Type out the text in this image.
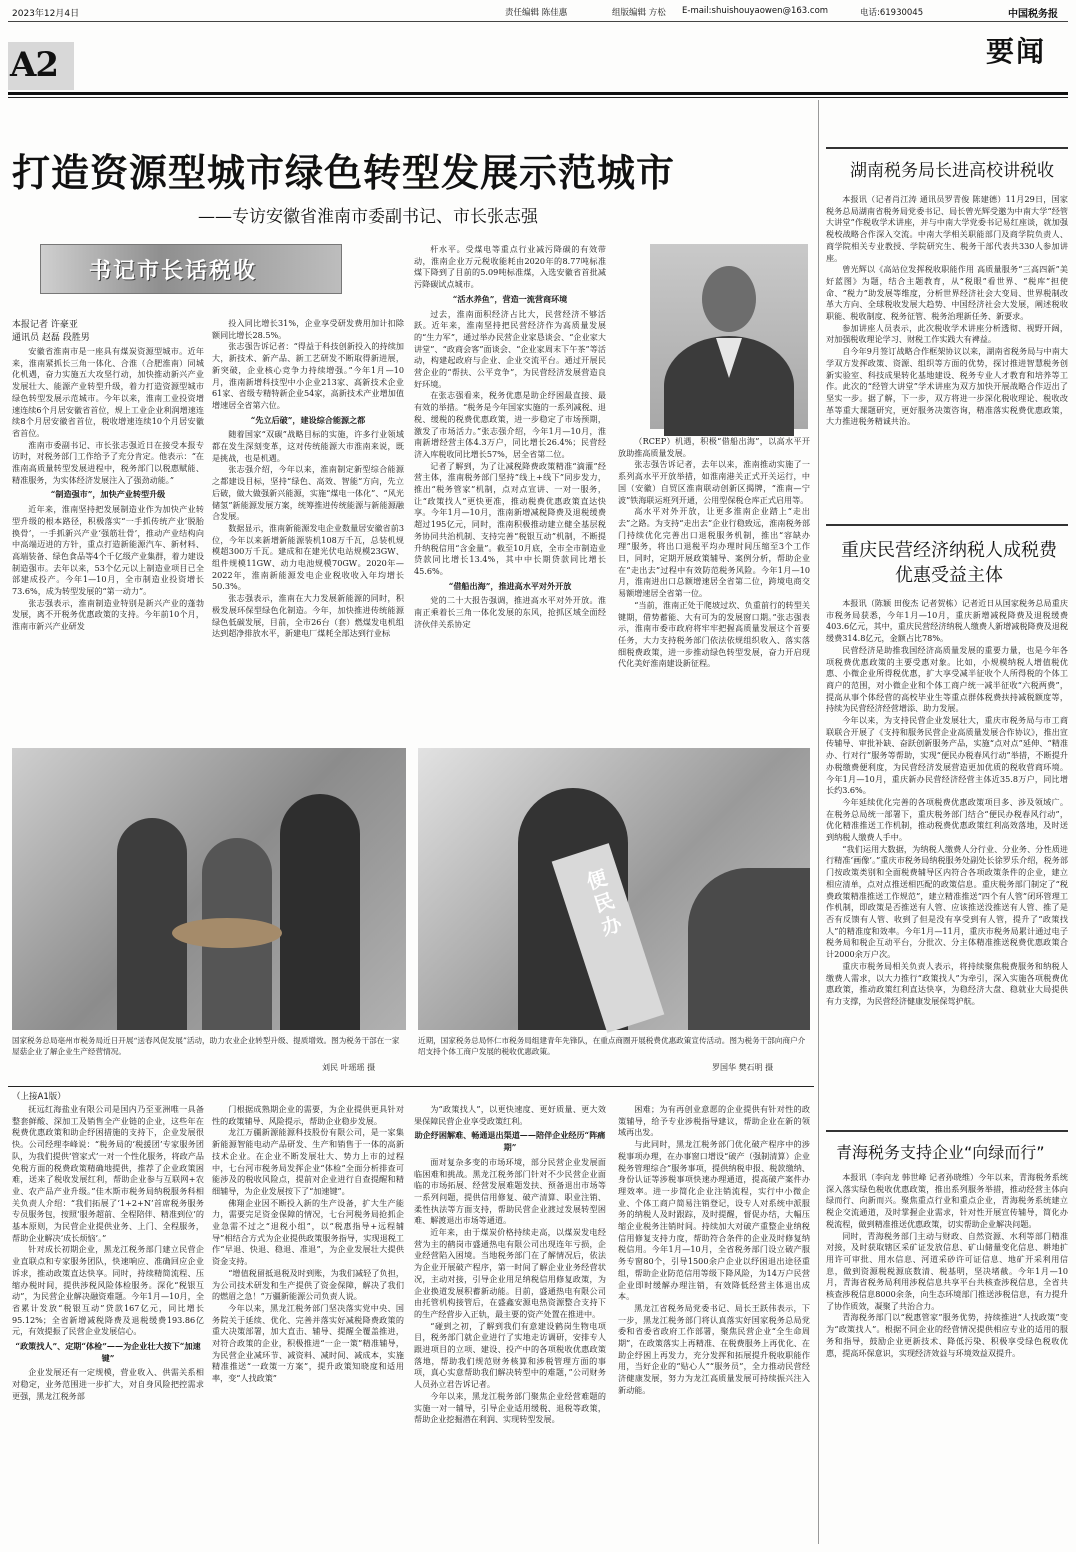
2023年12月4日	责任编辑 陈佳惠	组版编辑 方松 E-mail:shuishouyaowen@163.com	电话:61930045	中国税务报
A2	要闻
打造资源型城市绿色转型发展示范城市
——专访安徽省淮南市委副书记、市长张志强
书记市长话税收
本报记者 许豪亚
通讯员 赵磊 段胜男

安徽省淮南市是一座具有煤炭资源型城市。近年来，淮南紧抓长三角一体化、合淮（合肥淮南）同城化机遇，奋力实施五大攻坚行动，加快推动新兴产业发展壮大、能源产业转型升级，着力打造资源型城市绿色转型发展示范城市。今年以来，淮南工业投资增速连续6个月居安徽省首位，规上工业企业利润增速连续8个月居安徽省首位，税收增速连续10个月居安徽省首位。

淮南市委副书记、市长张志强近日在接受本报专访时，对税务部门工作给予了充分肯定。他表示：“在淮南高质量转型发展进程中，税务部门以税惠赋能、精准服务，为实体经济发展注入了强劲动能。”

“制造强市”，加快产业转型升级

近年来，淮南坚持把发展制造业作为加快产业转型升级的根本路径，积极落实“一手抓传统产业‘脱胎换骨’，一手抓新兴产业‘强筋壮骨’，推动产业结构向中高端迈进的方针，重点打造新能源汽车、新材料、高端装备、绿色食品等4个千亿级产业集群，着力建设制造强市。去年以来，53个亿元以上制造业项目已全部建成投产。今年1—10月，全市制造业投资增长73.6%，成为转型发展的“第一动力”。

张志强表示，淮南制造业特别是新兴产业的蓬勃发展，离不开税务优惠政策的支持。今年前10个月，淮南市新兴产业研发

投入同比增长31%，企业享受研发费用加计扣除额同比增长28.5%。

张志强告诉记者：“得益于科技创新投入的持续加大，新技术、新产品、新工艺研发不断取得新进展，新突破，企业核心竞争力持续增强。”今年1月—10月，淮南新增科技型中小企业213家、高新技术企业61家、省级专精特新企业54家，高新技术产业增加值增速居全省第六位。

“先立后破”，建设综合能源之都

随着国家“双碳”战略目标的实施，许多行业领域都在发生深刻变革，这对传统能源大市淮南来说，既是挑战，也是机遇。

张志强介绍，今年以来，淮南制定新型综合能源之都建设目标，坚持“绿色、高效、智能”方向，先立后破，做大做强新兴能源，实施“煤电一体化”、“风光储氢”新能源发展方案，统筹推进传统能源与新能源融合发展。

数据显示，淮南新能源发电企业数量居安徽省前3位，今年以来新增新能源装机108万千瓦，总装机规模超300万千瓦。建成和在建光伏电站规模23GW、组件规模11GW、动力电池规模70GW。2020年—2022年，淮南新能源发电企业税收收入年均增长50.3%。

张志强表示，淮南在大力发展新能源的同时，积极发展环保型绿色化制造。今年，加快推进传统能源绿色低碳发展，目前，全市26台（套）燃煤发电机组达到超净排放水平，新建电厂煤耗全部达到行业标

杆水平。受煤电等重点行业减污降碳的有效带动，淮南企业万元税收能耗由2020年的8.77吨标准煤下降到了目前的5.09吨标准煤，入选安徽省首批减污降碳试点城市。

“活水养鱼”，营造一流营商环境

过去，淮南面积经济占比大，民营经济不够活跃。近年来，淮南坚持把民营经济作为高质量发展的“生力军”，通过举办民营企业家恳谈会、“企业家大讲堂”、“政商会客”面谈会、“企业家周末下午茶”等活动，构建起政府与企业、企业交流平台。通过开展民营企业的“帮扶、公平竞争”，为民营经济发展营造良好环境。

在张志强看来，税务优惠是助企纾困最直接、最有效的举措。“税务是今年国家实施的一系列减税、退税、缓税的税费优惠政策，进一步稳定了市场预期，激发了市场活力。”张志强介绍，今年1月—10月，淮南新增经营主体4.3万户，同比增长26.4%；民营经济入库税收同比增长57%，居全省第二位。

记者了解到，为了让减税降费政策精准“滴灌”经营主体，淮南税务部门坚持“线上+线下”同步发力，推出“税务管家”机制，点对点宣讲、一对一服务，让“政策找人”更快更准，推动税费优惠政策直达快享。今年1月—10月，淮南新增减税降费及退税缓费超过195亿元，同时，淮南积极推动建立健全基层税务协同共治机制、支持完善“税银互动”机制，不断提升纳税信用“含金量”。截至10月底，全市全市制造业贷款同比增长13.4%，其中中长期贷款同比增长45.6%。

“借船出海”，推进高水平对外开放

党的二十大报告强调，推进高水平对外开放。淮南正乘着长三角一体化发展的东风，抢抓区域全面经济伙伴关系协定

（RCEP）机遇，积极“借船出海”，以高水平开放助推高质量发展。

张志强告诉记者，去年以来，淮南推动实施了一系列高水平开放举措，如淮南港关正式开关运行，中国（安徽）自贸区淮南联动创新区揭牌，“淮南—宁波”铁海联运班列开通，公用型保税仓库正式启用等。

高水平对外开放，让更多淮南企业踏上“走出去”之路。为支持“走出去”企业行稳致远，淮南税务部门持续优化完善出口退税服务机制，推出“容缺办理”服务，将出口退税平均办理时间压缩至3个工作日，同时，定期开展政策辅导、案例分析，帮助企业在“走出去”过程中有效防范税务风险。今年1月—10月，淮南进出口总额增速居全省第二位，跨境电商交易额增速居全省第一位。

“当前，淮南正处于爬坡过坎、负重前行的转型关键期，借势蓄能、大有可为的发展窗口期。”张志强表示，淮南市委市政府将牢牢把握高质量发展这个首要任务，大力支持税务部门依法依规组织收入、落实落细税费政策，进一步推动绿色转型发展，奋力开启现代化美好淮南建设新征程。

国家税务总局亳州市税务局近日开展“送春风促发展”活动，助力农业企业转型升级、提质增效。图为税务干部在一家屋菇企业了解企业生产经营情况。
刘民 叶瑶瑶 摄
便民办
近期，国家税务总局怀仁市税务局组建青年先锋队，在重点商圈开展税费优惠政策宣传活动。图为税务干部向商户介绍支持个体工商户发展的税收优惠政策。
罗国华 樊石明 摄
（上接A1版）

抚远红海盐业有限公司是国内乃至亚洲唯一具备整套鲜酸、深加工及销售全产业链的企业，这些年在税费优惠政策和助企纾困措施的支持下，企业发展很快。公司经理李峰说：“税务局的‘税援团’专家服务团队，为我们提供‘管家式’一对一个性化服务，将政产品免税方面的税费政策精确地提供，推荐了企业政策困难，送来了税收发展红利，帮助企业参与互联网+农业、农产品产业升级。”佳木斯市税务局纳税服务科相关负责人介绍：“我们拓展了‘1+2+N’首席税务服务专员服务包，按照‘服务超前、全程陪伴、精准到位’的基本原则，为民营企业提供业务、上门、全程服务，帮助企业解决‘成长烦恼’。”

针对成长初期企业，黑龙江税务部门建立民营企业直联点和专家服务团队，快速响应、准确回应企业诉求，推动政策直达快享。同时，持续精简流程、压缩办税时间，提供涉税风险体检服务。深化“税银互动”，为民营企业解决融资难题。今年1月—10月，全省累计发放“税银互动”贷款167亿元，同比增长95.12%；全省新增减税降费及退税缓费193.86亿元，有效提振了民营企业发展信心。

“政策找人”、定期“体检”——为企业壮大按下“加速键”

企业发展还有一定规模，营业收入、供需关系相对稳定，业务范围进一步扩大，对自身风险把控需求更强，黑龙江税务部

门根据成熟期企业的需要，为企业提供更具针对性的政策辅导、风险提示，帮助企业稳步发展。

龙江万疆新源能源科技股份有限公司，是一家集新能源智能电动产品研发、生产和销售于一体的高新技术企业。在企业不断发展壮大、势力上市的过程中，七台河市税务局发挥企业“体检”全面分析排查可能涉及的税收风险点，提前对企业进行自查提醒和精细辅导，为企业发展按下了“加速键”。

佛翔企业因不断投入新的生产设备，扩大生产能力，需要完足资金保障的情况，七台河税务局抢抓企业急需不过之“退税小组”，以“税惠指导+远程辅导”相结合方式为企业提供政策服务指导，实现退税工作“早退、快退、稳退、准退”，为企业发展壮大提供资金支持。

“增值税留抵退税及时到账，为我们减轻了负担，为公司技术研发和生产提供了资金保障，解决了我们的燃眉之急！”万疆新能源公司负责人说。

今年以来，黑龙江税务部门坚决落实党中央、国务院关于延续、优化、完善并落实好减税降费政策的重大决策部署，加大直击、辅导、提醒全覆盖推进，对符合政策的企业，积极推进“一企一策”精准辅导，为民营企业减环节、减资料、减时间、减成本，实施精准推送“一政策一方案”，提升政策知晓度和适用率，变“人找政策”

为“政策找人”，以更快速度、更好质量、更大效果保障民营企业享受政策红利。

助企纾困解难、畅通退出渠道——陪伴企业经历“阵痛期”

面对复杂多变的市场环境，部分民营企业发展面临困难和挑战。黑龙江税务部门针对不少民营企业面临的市场拓展、经营发展难题发扶、预备退出市场等一系列问题，提供信用修复、破产清算、职业注销、柔性执法等方面支持，帮助民营企业渡过发展转型困难、解渡退出市场等通道。

近年来，由于煤炭价格持续走高，以煤炭发电经营为主的鹤岗市盛通热电有限公司出现连年亏损，企业经营陷入困境。当地税务部门在了解情况后，依法为企业开展破产程序，第一时间了解企业业务经营状况，主动对接，引导企业用足纳税信用修复政策，为企业换道发展积蓄新动能。目前，盛通热电有限公司由托管机构接管后，在盛鑫安源电热资源整合支持下的生产经营步入正轨，最主要的资产处置在推进中。

“碰到之初，了解到我们有意建设鹤岗生物电项目，税务部门就企业进行了实地走访调研，安排专人跟进项目的立项、建设、投产中的各项税收优惠政策落地，帮助我们规范财务核算和涉税管理方面的事项，真心实意帮助我们解决转型中的难题，”公司财务人员孙立君告诉记者。

今年以来，黑龙江税务部门聚焦企业经营难题的实施一对一辅导，引导企业适用缓税、退税等政策，帮助企业挖掘潜在利润、实现转型发展。

困难；为有再创业意愿的企业提供有针对性的政策辅导，给予专业涉税指导建议，帮助企业在新的领域再出发。

与此同时，黑龙江税务部门优化破产程序中的涉税事项办理，在办事窗口增设“破产（强制清算）企业税务管理综合”服务事项，提供纳税申报、税款缴纳、身份认证等涉税事项快速办理通道，提高破产案件办理效率。进一步简化企业注销流程，实行中小微企业、个体工商户简易注销登记，设专人对系统中派服务的纳税人及时跟踪，及时提醒，督促办结，大幅压缩企业税务注销时间。持续加大对破产重整企业纳税信用修复支持力度，帮助符合条件的企业及时修复纳税信用。今年1月—10月，全省税务部门设立破产服务专窗80个，引导1500余户企业以纾困退出途径重组，帮助企业防范信用等级下降风险，为14万户民营企业即时缓解办理注销，有效降低经营主体退出成本。

黑龙江省税务局党委书记、局长王跃伟表示，下一步，黑龙江税务部门将认真落实好国家税务总局党委和省委省政府工作部署，聚焦民营企业“全生命周期”，在政策落实上再精准、在税费服务上再优化、在助企纾困上再发力，充分发挥和拓展提升税收职能作用，当好企业的“贴心人”“服务员”，全力推动民营经济健康发展，努力为龙江高质量发展可持续振兴注入新动能。

湖南税务局长进高校讲税收

本报讯（记者肖江涛 通讯员罗青俊 陈建德）11月29日，国家税务总局湖南省税务局党委书记、局长曾光辉受邀为中南大学“经管大讲堂”作税收学术讲座，并与中南大学党委书记易红座谈，就加强税校战略合作深入交流。中南大学相关职能部门及商学院负责人、商学院相关专业教授、学院研究生、税务干部代表共330人参加讲座。

曾光辉以《高站位发挥税收职能作用 高质量服务“三高四新”美好蓝图》为题，结合主题教育，从“税眼”看世界、“税库”担使命、“税力”助发展等维度，分析世界经济社会大变局、世界税制改革大方向、全球税收发展大趋势、中国经济社会大发展，阐述税收职能、税收制度、税务征管、税务治理新任务、新要求。

参加讲座人员表示，此次税收学术讲座分析透彻、视野开阔，对加强税收理论学习、财税工作实践大有裨益。

自今年9月签订战略合作框架协议以来，湖南省税务局与中南大学双方发挥政策、资源、组织等方面的优势，探讨推进智慧税务创新实验室、科技成果转化基地建设、税务专业人才教育和培养等工作。此次的“经管大讲堂”学术讲座为双方加快开展战略合作迈出了坚实一步。据了解，下一步，双方将进一步深化税收理论、税收改革等重大课题研究，更好服务决策咨询，精准落实税费优惠政策，大力推进税务精诚共治。

重庆民营经济纳税人成税费优惠受益主体

本报讯（陈颖 田俊杰 记者贺栋）记者近日从国家税务总局重庆市税务局获悉，今年1月—10月，重庆新增减税降费及退税缓费403.6亿元，其中，重庆民营经济纳税人缴费人新增减税降费及退税缓费314.8亿元，金额占比78%。

民营经济是助推我国经济高质量发展的重要力量，也是今年各项税费优惠政策的主要受惠对象。比如，小规模纳税人增值税优惠、小微企业所得税优惠，扩大享受减半征收个人所得税的个体工商户的范围，对小微企业和个体工商户统一减半征收“六税两费”，提高从事个体经营的高校毕业生等重点群体税费扶持减税额度等，持续为民营经济经营增添、助力发展。

今年以来，为支持民营企业发展壮大，重庆市税务局与市工商联联合开展了《支持和服务民营企业高质量发展合作协议》，推出宣传辅导、审批补缺、奋跃创新服务产品，实施“点对点”延伸、“精准办、行对行”服务等帮助，实现“便民办税春风行动”举措，不断提升办税缴费便利度，为民营经济发展营造更加优质的税收营商环境。今年1月—10月，重庆新办民营经济经营主体近35.8万户，同比增长约3.6%。

今年延续优化完善的各项税费优惠政策项目多、涉及领域广。在税务总局统一部署下，重庆税务部门结合“便民办税春风行动”，优化精准推送工作机制，推动税费优惠政策红利高效落地，及时送到纳税人缴费人手中。

“我们运用大数据，为纳税人缴费人分行业、分业务、分性质进行精准‘画像’。”重庆市税务局纳税服务处副处长徐罗乐介绍，税务部门按政策类别和全面税费辅导区内符合各项政策条件的企业，建立相应清单，点对点推送相匹配的政策信息。重庆税务部门制定了“税费政策精准推送工作规范”，建立精准推送“四个有人管”闭环管理工作机制，即政策是否推送有人管、应该推送没推送有人管、推了是否有反馈有人管、收到了但是没有享受到有人管，提升了“政策找人”的精准度和效率。今年1月—11月，重庆市税务局累计通过电子税务局和税企互动平台，分批次、分主体精准推送税费优惠政策合计2000余万户次。

重庆市税务局相关负责人表示，将持续聚焦税费服务和纳税人缴费人需求，以大力推行“政策找人”为牵引，深入实施各项税费优惠政策，推动政策红利直达快享，为稳经济大盘、稳就业大局提供有力支撑，为民营经济健康发展保驾护航。

青海税务支持企业“向绿而行”

本报讯（李向龙 韩世峰 记者孙晓维）今年以来，青海税务系统深入落实绿色税收优惠政策，推出系列服务举措，推动经营主体向绿而行、向新而兴。聚焦重点行业和重点企业，青海税务系统建立税企交流通道，及时掌握企业需求，针对性开展宣传辅导，简化办税流程，做到精准推送优惠政策，切实帮助企业解决问题。

同时，青海税务部门主动与财政、自然资源、水利等部门精准对接，及时获取辖区采矿证发放信息、矿山储量变化信息、耕地扩用许可审批、用水信息、河道采砂许可证信息、地矿开采利用信息，做到资源税税源底数清、税基明，坚决堵截。今年1月—10月，青海省税务局利用涉税信息共享平台共核查涉税信息，全省共核查涉税信息8000余条，向生态环境部门推送涉税信息，有力提升了协作质效，凝聚了共治合力。

青海税务部门以“税惠管家”服务优势，持续推进“人找政策”变为“政策找人”。根据不同企业的经营情况提供相应专业的适用的服务和指导，鼓励企业更新技术、降低污染、积极享受绿色税收优惠，提高环保意识，实现经济效益与环境效益双提升。
